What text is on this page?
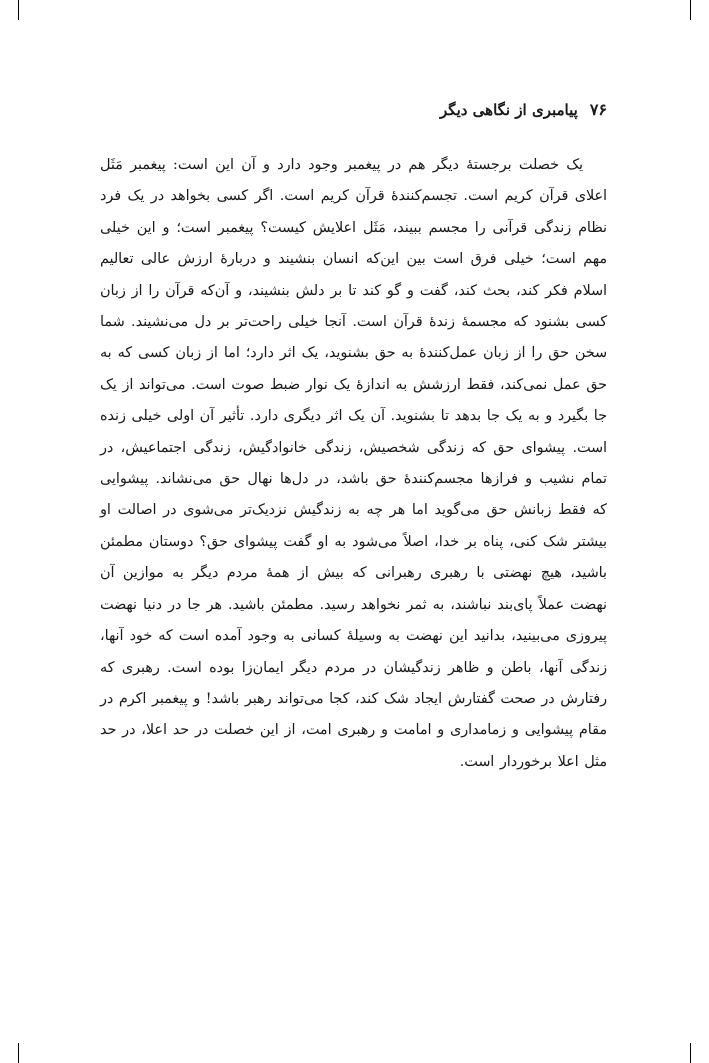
۷۶
پیامبری از نگاهی دیگر

یک خصلت برجستهٔ دیگر هم در پیغمبر وجود دارد و آن این است: پیغمبر مَثَل اعلای قرآن کریم است. تجسم‌کنندهٔ قرآن کریم است. اگر کسی بخواهد در یک فرد نظام زندگی قرآنی را مجسم ببیند، مَثَل اعلایش کیست؟ پیغمبر است؛ و این خیلی مهم است؛ خیلی فرق است بین این‌که انسان بنشیند و دربارهٔ ارزش عالی تعالیم اسلام فکر کند، بحث کند، گفت و گو کند تا بر دلش بنشیند، و آن‌که قرآن را از زبان کسی بشنود که مجسمهٔ زندهٔ قرآن است. آنجا خیلی راحت‌تر بر دل می‌نشیند. شما سخن حق را از زبان عمل‌کنندهٔ به حق بشنوید، یک اثر دارد؛ اما از زبان کسی که به حق عمل نمی‌کند، فقط ارزشش به اندازهٔ یک نوار ضبط صوت است. می‌تواند از یک جا بگیرد و به یک جا بدهد تا بشنوید. آن یک اثر دیگری دارد. تأثیر آن اولی خیلی زنده است. پیشوای حق که زندگی شخصیش، زندگی خانوادگیش، زندگی اجتماعیش، در تمام نشیب و فرازها مجسم‌کنندهٔ حق باشد، در دل‌ها نهال حق می‌نشاند. پیشوایی که فقط زبانش حق می‌گوید اما هر چه به زندگیش نزدیک‌تر می‌شوی در اصالت او بیشتر شک کنی، پناه بر خدا، اصلاً می‌شود به او گفت پیشوای حق؟ دوستان مطمئن باشید، هیچ نهضتی با رهبری رهبرانی که بیش از همهٔ مردم دیگر به موازین آن نهضت عملاً پای‌بند نباشند، به ثمر نخواهد رسید. مطمئن باشید. هر جا در دنیا نهضت پیروزی می‌بینید، بدانید این نهضت به وسیلهٔ کسانی به وجود آمده است که خود آنها، زندگی آنها، باطن و ظاهر زندگیشان در مردم دیگر ایمان‌زا بوده است. رهبری که رفتارش در صحت گفتارش ایجاد شک کند، کجا می‌تواند رهبر باشد! و پیغمبر اکرم در مقام پیشوایی و زمامداری و امامت و رهبری امت، از این خصلت در حد اعلا، در حد مثل اعلا برخوردار است.
